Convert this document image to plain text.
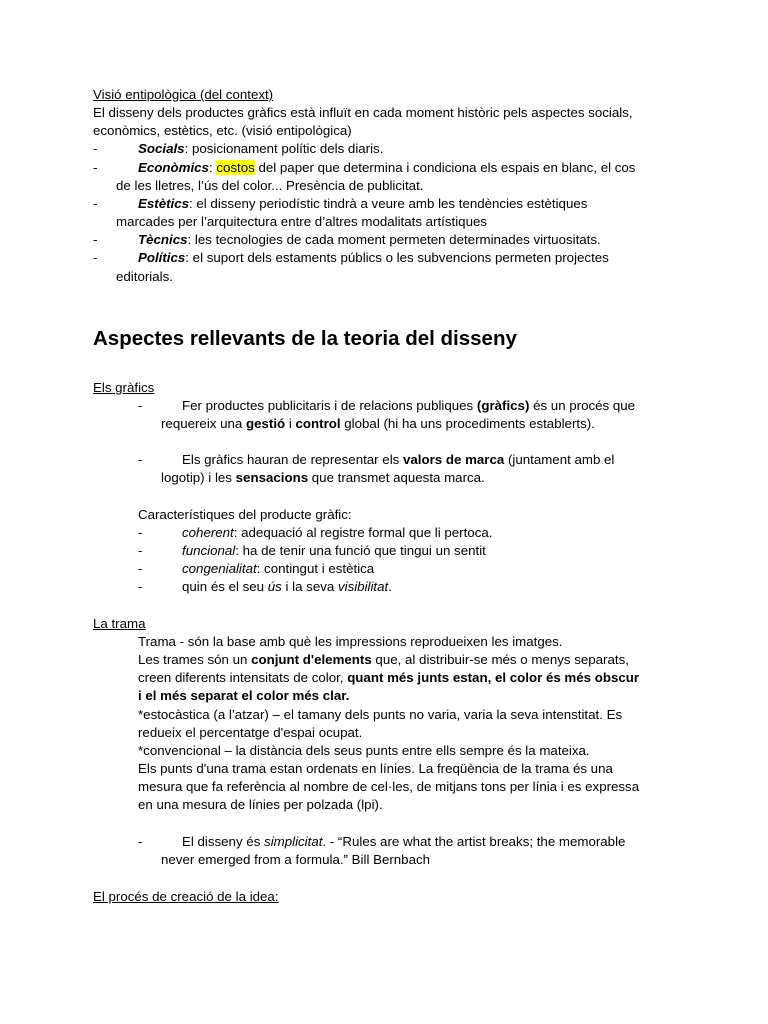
Visió entipològica (del context)
El disseny dels productes gràfics està influït en cada moment històric pels aspectes socials,
econòmics, estètics, etc. (visió entipològica)
-	Socials: posicionament polític dels diaris.
-	Econòmics: costos del paper que determina i condiciona els espais en blanc, el cos
de les lletres, l’ús del color... Presència de publicitat.
-	Estètics: el disseny periodístic tindrà a veure amb les tendències estètiques
marcades per l’arquitectura entre d’altres modalitats artístiques
-	Tècnics: les tecnologies de cada moment permeten determinades virtuositats.
-	Polítics: el suport dels estaments públics o les subvencions permeten projectes
editorials.
Aspectes rellevants de la teoria del disseny
Els gràfics
-	Fer productes publicitaris i de relacions publiques (gràfics) és un procés que
requereix una gestió i control global (hi ha uns procediments establerts).
-	Els gràfics hauran de representar els valors de marca (juntament amb el
logotip) i les sensacions que transmet aquesta marca.
Característiques del producte gràfic:
-	coherent: adequació al registre formal que li pertoca.
-	funcional: ha de tenir una funció que tingui un sentit
-	congenialitat: contingut i estètica
-	quin és el seu ús i la seva visibilitat.
La trama
Trama - són la base amb què les impressions reprodueixen les imatges.
Les trames són un conjunt d'elements que, al distribuir-se més o menys separats,
creen diferents intensitats de color, quant més junts estan, el color és més obscur
i el més separat el color més clar.
*estocàstica (a l’atzar) – el tamany dels punts no varia, varia la seva intenstitat. Es
redueix el percentatge d'espai ocupat.
*convencional – la distància dels seus punts entre ells sempre és la mateixa.
Els punts d'una trama estan ordenats en línies. La freqüència de la trama és una
mesura que fa referència al nombre de cel·les, de mitjans tons per línia i es expressa
en una mesura de línies per polzada (lpi).
-	El disseny és simplicitat. - “Rules are what the artist breaks; the memorable
never emerged from a formula.” Bill Bernbach
El procés de creació de la idea:
